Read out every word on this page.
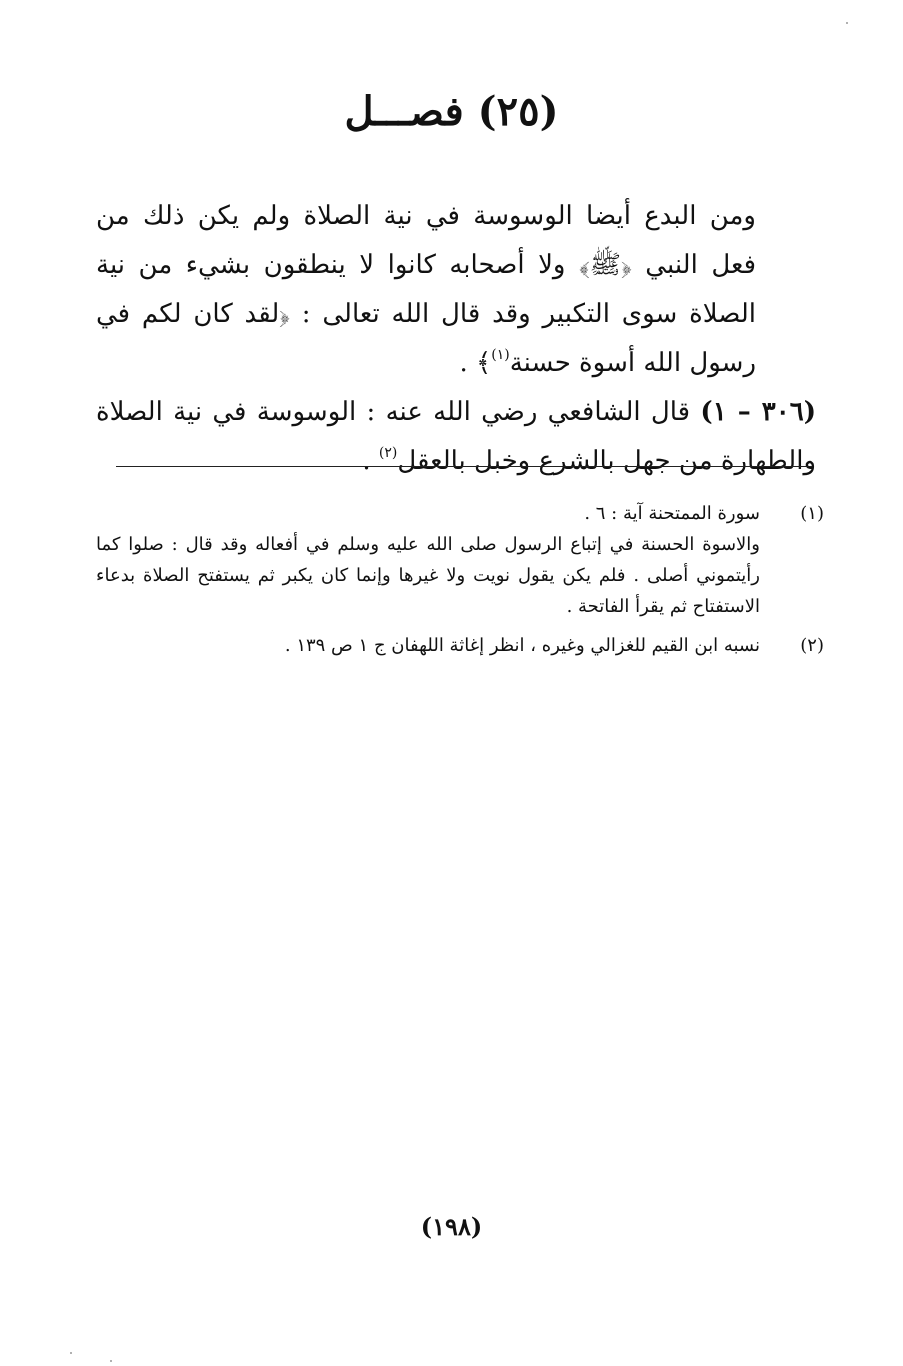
(٢٥) فصـــل

ومن البدع أيضا الوسوسة في نية الصلاة ولم يكن ذلك من فعل النبي ﴿ﷺ﴾ ولا أصحابه كانوا لا ينطقون بشيء من نية الصلاة سوى التكبير وقد قال الله تعالى : ﴿لقد كان لكم في رسول الله أسوة حسنة$^{(١)}$﴾ .

(٣٠٦ – ١) قال الشافعي رضي الله عنه : الوسوسة في نية الصلاة والطهارة من جهل بالشرع وخبل بالعقل$^{(٢)}$ .

(١)

سورة الممتحنة آية : ٦ .

والاسوة الحسنة في إتباع الرسول صلى الله عليه وسلم في أفعاله وقد قال : صلوا كما رأيتموني أصلى . فلم يكن يقول نويت ولا غيرها وإنما كان يكبر ثم يستفتح الصلاة بدعاء الاستفتاح ثم يقرأ الفاتحة .

(٢)

نسبه ابن القيم للغزالي وغيره ، انظر إغاثة اللهفان ج ١ ص ١٣٩ .

(١٩٨)
